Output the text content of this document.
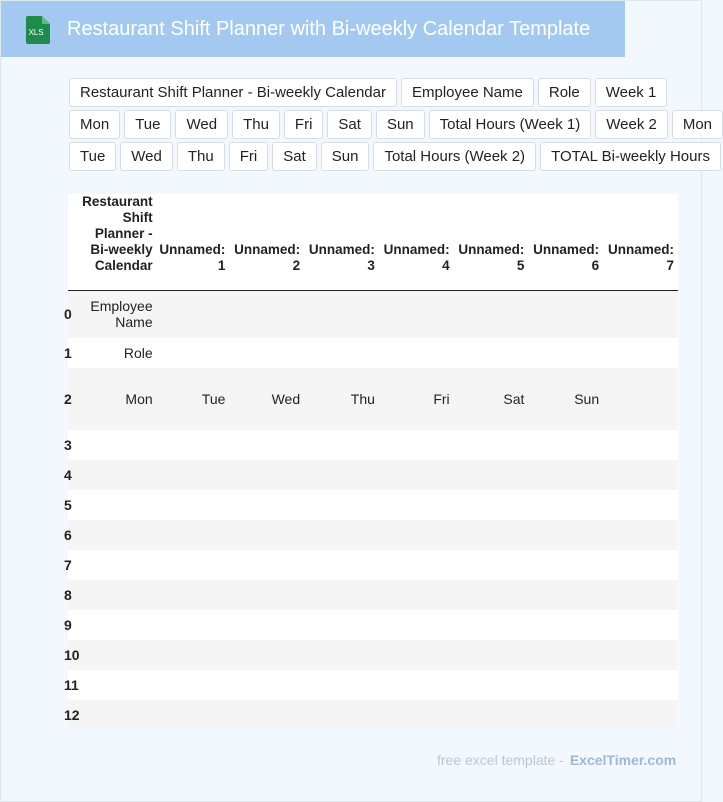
XLS Restaurant Shift Planner with Bi-weekly Calendar Template
Restaurant Shift Planner - Bi-weekly Calendar	Employee Name	Role	Week 1
Mon	Tue	Wed	Thu	Fri	Sat	Sun	Total Hours (Week 1)	Week 2	Mon
Tue	Wed	Thu	Fri	Sat	Sun	Total Hours (Week 2)	TOTAL Bi-weekly Hours
	Restaurant Shift Planner - Bi-weekly Calendar	Unnamed: 1	Unnamed: 2	Unnamed: 3	Unnamed: 4	Unnamed: 5	Unnamed: 6	Unnamed: 7
0	Employee Name							
1	Role							
2	Mon	Tue	Wed	Thu	Fri	Sat	Sun	
3								
4								
5								
6								
7								
8								
9								
10								
11								
12								
free excel template - ExcelTimer.com
